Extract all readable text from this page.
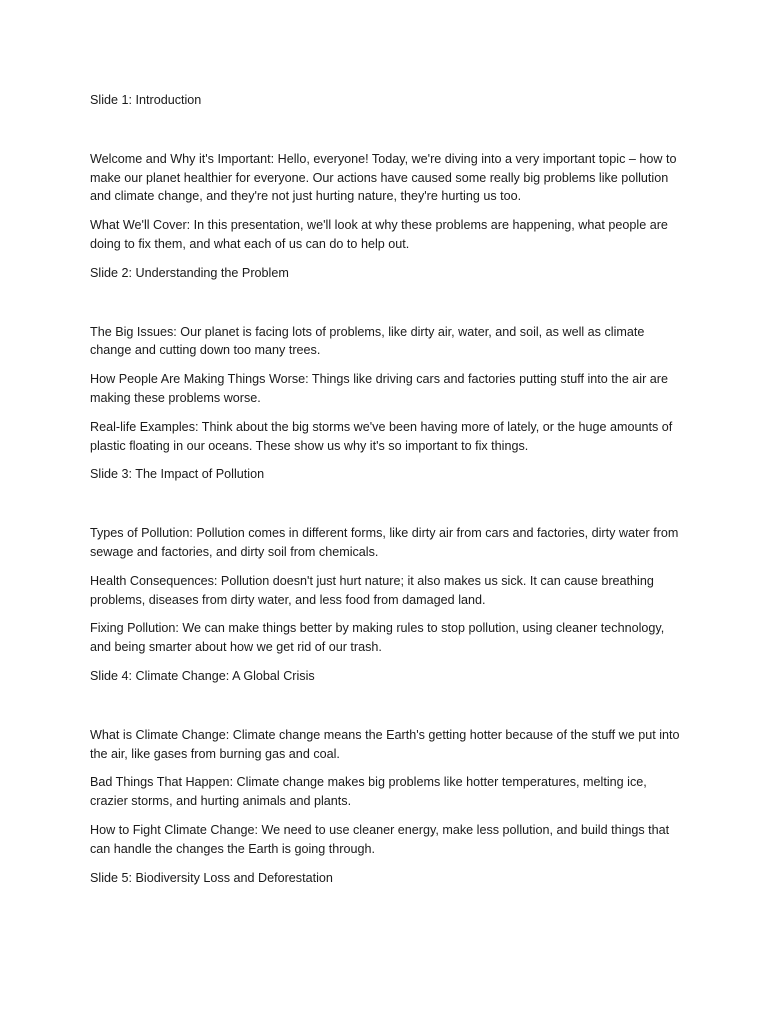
Slide 1: Introduction

Welcome and Why it's Important: Hello, everyone! Today, we're diving into a very important topic – how to make our planet healthier for everyone. Our actions have caused some really big problems like pollution and climate change, and they're not just hurting nature, they're hurting us too.

What We'll Cover: In this presentation, we'll look at why these problems are happening, what people are doing to fix them, and what each of us can do to help out.

Slide 2: Understanding the Problem

The Big Issues: Our planet is facing lots of problems, like dirty air, water, and soil, as well as climate change and cutting down too many trees.

How People Are Making Things Worse: Things like driving cars and factories putting stuff into the air are making these problems worse.

Real-life Examples: Think about the big storms we've been having more of lately, or the huge amounts of plastic floating in our oceans. These show us why it's so important to fix things.

Slide 3: The Impact of Pollution

Types of Pollution: Pollution comes in different forms, like dirty air from cars and factories, dirty water from sewage and factories, and dirty soil from chemicals.

Health Consequences: Pollution doesn't just hurt nature; it also makes us sick. It can cause breathing problems, diseases from dirty water, and less food from damaged land.

Fixing Pollution: We can make things better by making rules to stop pollution, using cleaner technology, and being smarter about how we get rid of our trash.

Slide 4: Climate Change: A Global Crisis

What is Climate Change: Climate change means the Earth's getting hotter because of the stuff we put into the air, like gases from burning gas and coal.

Bad Things That Happen: Climate change makes big problems like hotter temperatures, melting ice, crazier storms, and hurting animals and plants.

How to Fight Climate Change: We need to use cleaner energy, make less pollution, and build things that can handle the changes the Earth is going through.

Slide 5: Biodiversity Loss and Deforestation
